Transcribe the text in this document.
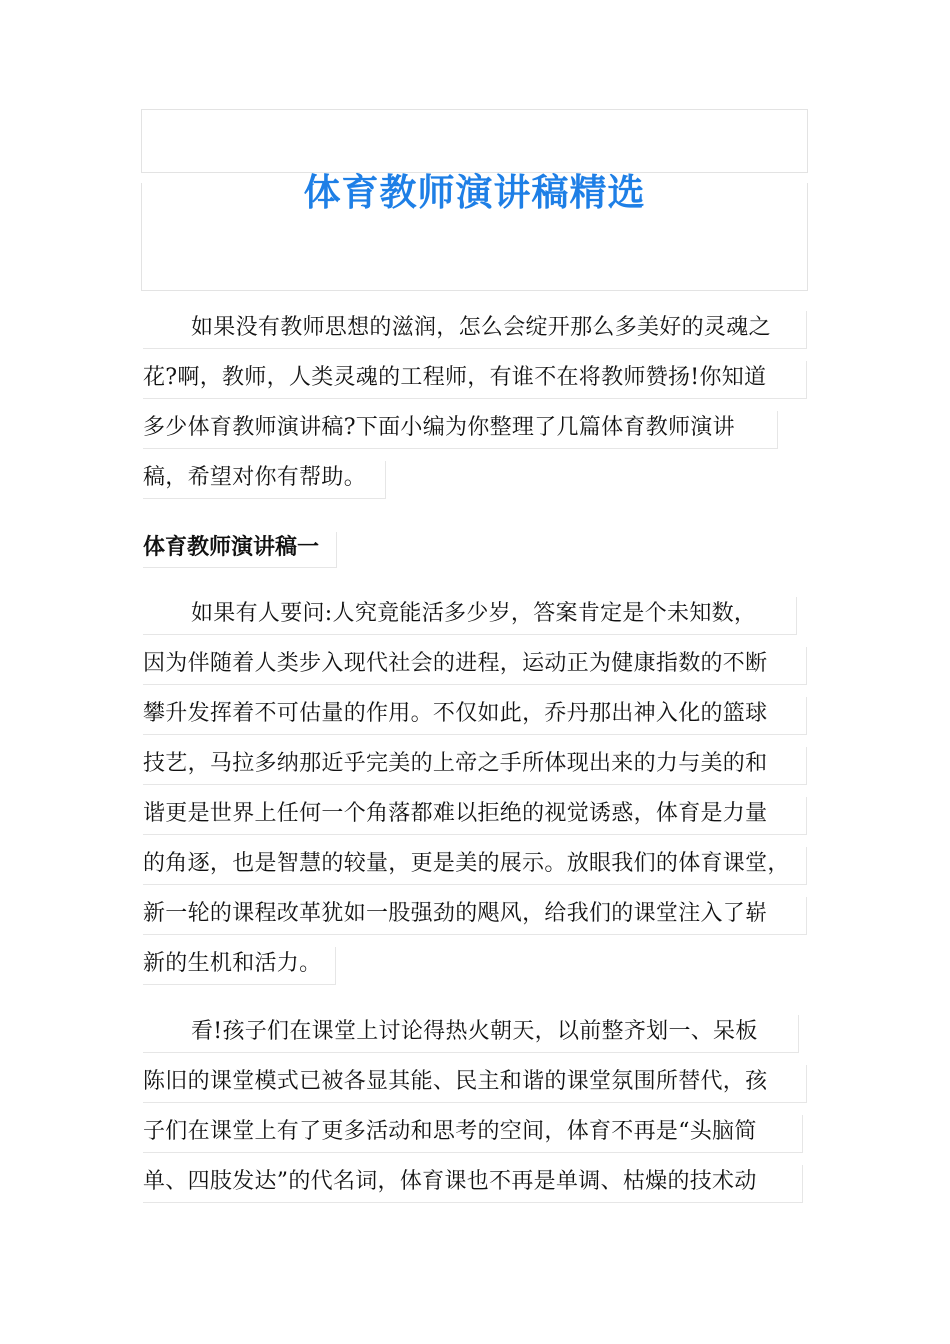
体育教师演讲稿精选
如果没有教师思想的滋润，怎么会绽开那么多美好的灵魂之
花?啊，教师，人类灵魂的工程师，有谁不在将教师赞扬!你知道
多少体育教师演讲稿?下面小编为你整理了几篇体育教师演讲
稿，希望对你有帮助。
体育教师演讲稿一
如果有人要问:人究竟能活多少岁，答案肯定是个未知数，
因为伴随着人类步入现代社会的进程，运动正为健康指数的不断
攀升发挥着不可估量的作用。不仅如此，乔丹那出神入化的篮球
技艺，马拉多纳那近乎完美的上帝之手所体现出来的力与美的和
谐更是世界上任何一个角落都难以拒绝的视觉诱惑，体育是力量
的角逐，也是智慧的较量，更是美的展示。放眼我们的体育课堂，
新一轮的课程改革犹如一股强劲的飓风，给我们的课堂注入了崭
新的生机和活力。
看!孩子们在课堂上讨论得热火朝天，以前整齐划一、呆板
陈旧的课堂模式已被各显其能、民主和谐的课堂氛围所替代，孩
子们在课堂上有了更多活动和思考的空间，体育不再是“头脑简
单、四肢发达”的代名词，体育课也不再是单调、枯燥的技术动
